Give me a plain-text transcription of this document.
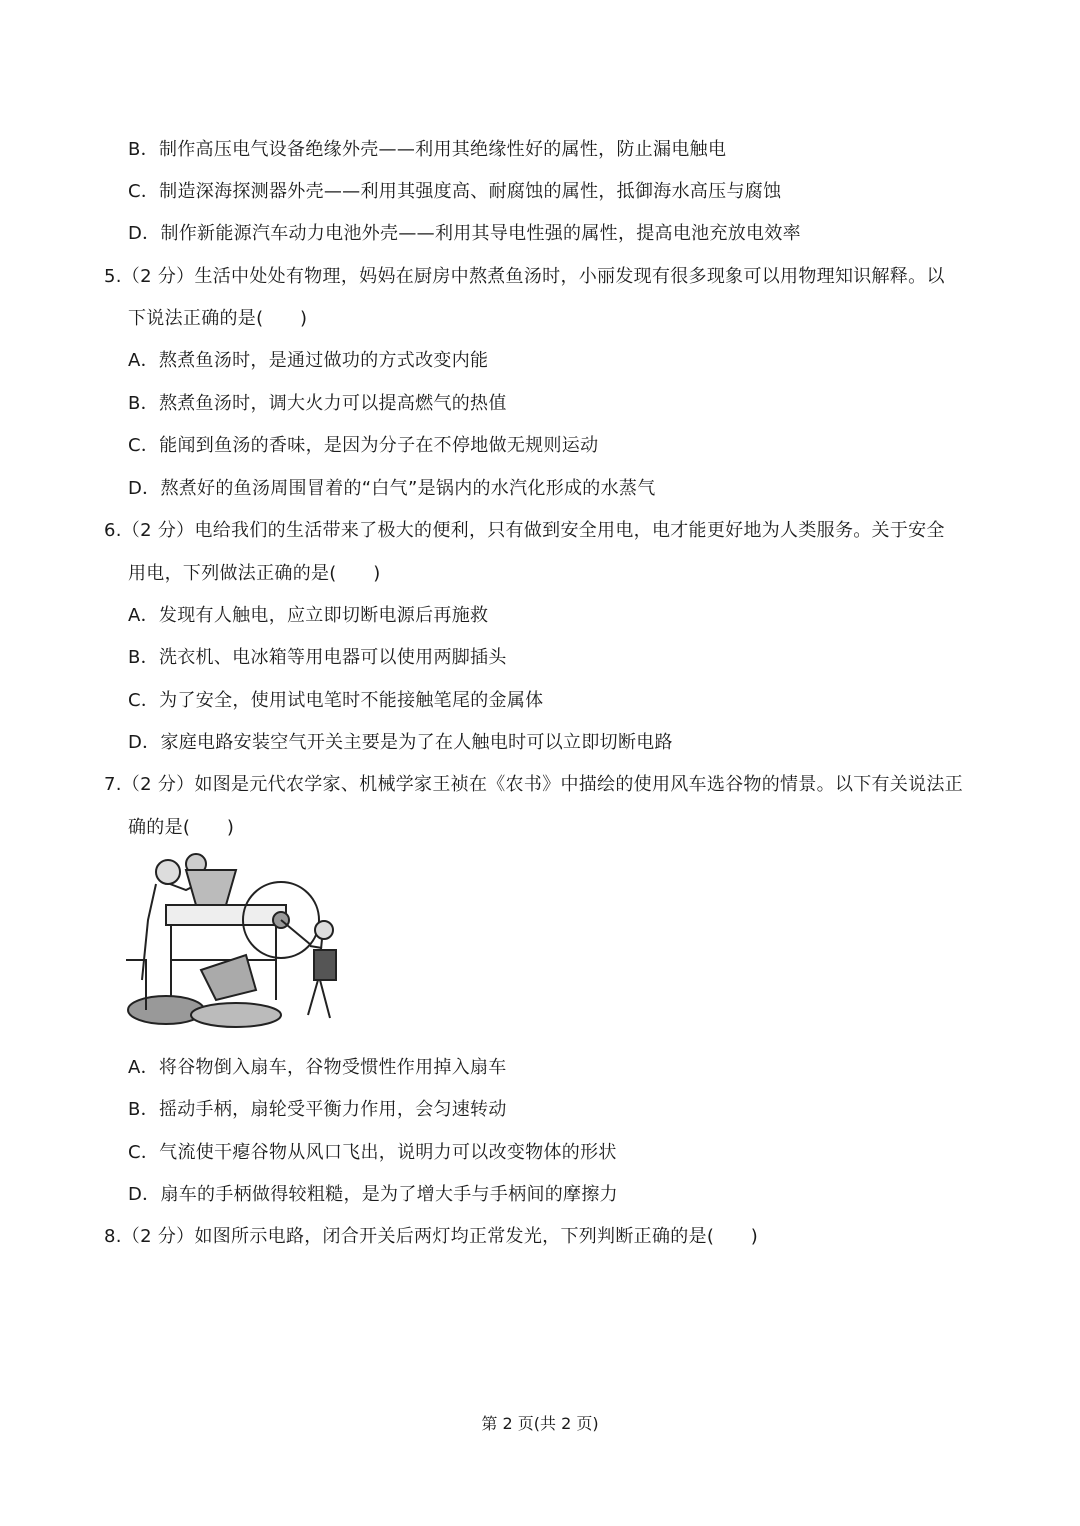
B．制作高压电气设备绝缘外壳——利用其绝缘性好的属性，防止漏电触电
C．制造深海探测器外壳——利用其强度高、耐腐蚀的属性，抵御海水高压与腐蚀
D．制作新能源汽车动力电池外壳——利用其导电性强的属性，提高电池充放电效率
5.（2 分）生活中处处有物理，妈妈在厨房中熬煮鱼汤时，小丽发现有很多现象可以用物理知识解释。以
下说法正确的是(　　)
A．熬煮鱼汤时，是通过做功的方式改变内能
B．熬煮鱼汤时，调大火力可以提高燃气的热值
C．能闻到鱼汤的香味，是因为分子在不停地做无规则运动
D．熬煮好的鱼汤周围冒着的“白气”是锅内的水汽化形成的水蒸气
6.（2 分）电给我们的生活带来了极大的便利，只有做到安全用电，电才能更好地为人类服务。关于安全
用电，下列做法正确的是(　　)
A．发现有人触电，应立即切断电源后再施救
B．洗衣机、电冰箱等用电器可以使用两脚插头
C．为了安全，使用试电笔时不能接触笔尾的金属体
D．家庭电路安装空气开关主要是为了在人触电时可以立即切断电路
7.（2 分）如图是元代农学家、机械学家王祯在《农书》中描绘的使用风车选谷物的情景。以下有关说法正
确的是(　　)
A．将谷物倒入扇车，谷物受惯性作用掉入扇车
B．摇动手柄，扇轮受平衡力作用，会匀速转动
C．气流使干瘪谷物从风口飞出，说明力可以改变物体的形状
D．扇车的手柄做得较粗糙，是为了增大手与手柄间的摩擦力
8.（2 分）如图所示电路，闭合开关后两灯均正常发光，下列判断正确的是(　　)
第 2 页(共 2 页)
